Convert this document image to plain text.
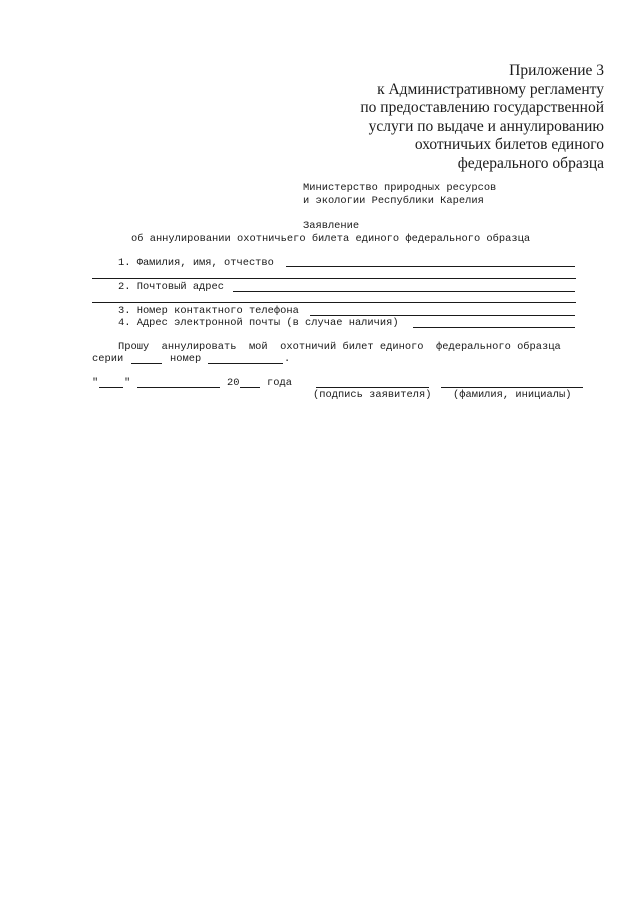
Приложение 3
к Административному регламенту
по предоставлению государственной
услуги по выдаче и аннулированию
охотничьих билетов единого
федерального образца
Министерство природных ресурсов
и экологии Республики Карелия
Заявление
об аннулировании охотничьего билета единого федерального образца
1. Фамилия, имя, отчество
2. Почтовый адрес
3. Номер контактного телефона
4. Адрес электронной почты (в случае наличия)
Прошу  аннулировать  мой  охотничий билет единого  федерального образца
серии	номер	.
" "	20	года
(подпись заявителя) (фамилия, инициалы)
